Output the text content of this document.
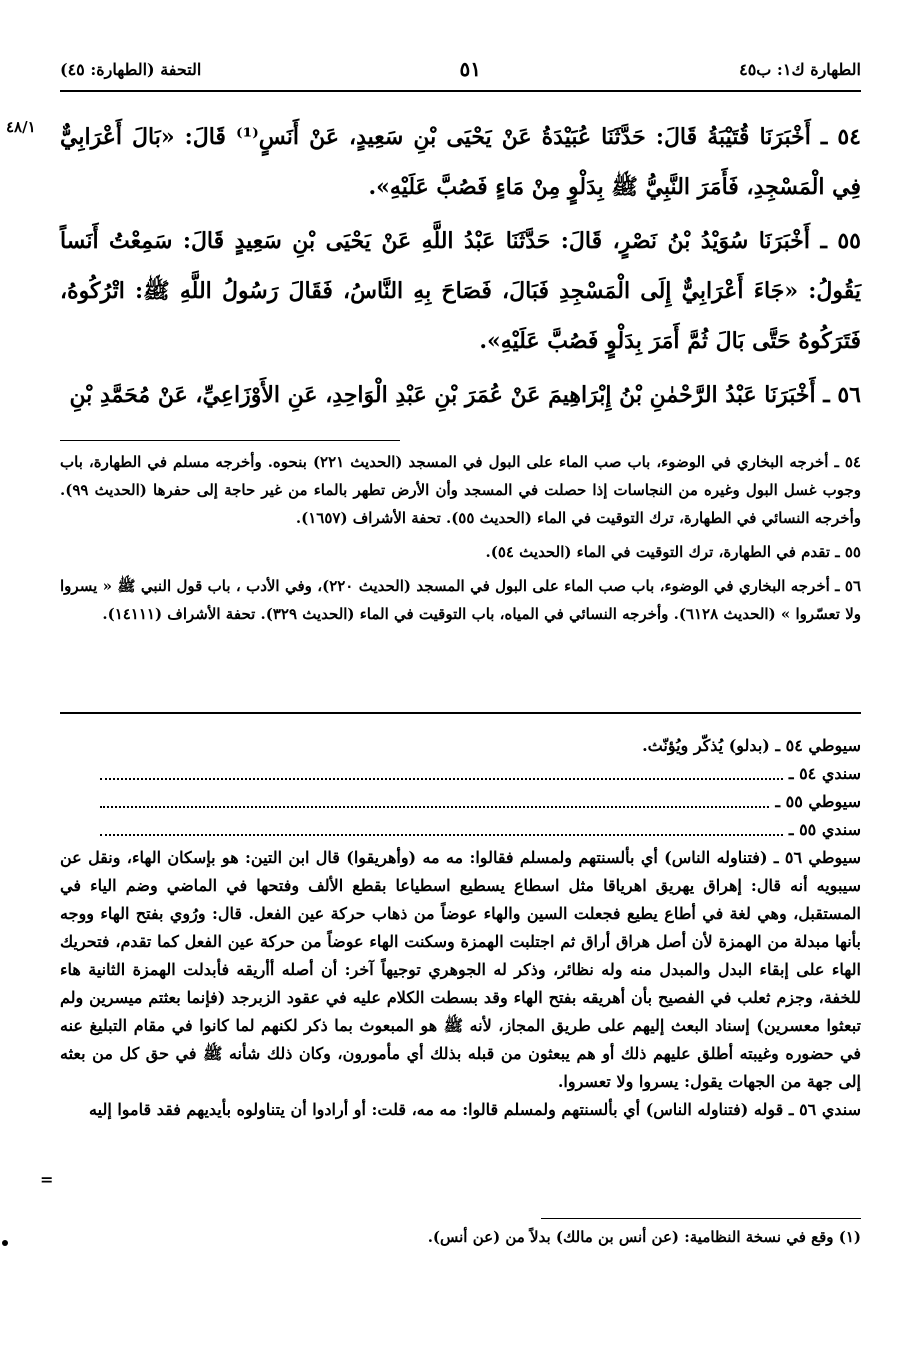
الطهارة ك١: ب٤٥
٥١
التحفة (الطهارة: ٤٥)
٤٨/١ ٥٤ ـ أَخْبَرَنَا قُتَيْبَةُ قَالَ: حَدَّثَنَا عُبَيْدَةُ عَنْ يَحْيَى بْنِ سَعِيدٍ، عَنْ أَنَسٍ⁽¹⁾ قَالَ: «بَالَ أَعْرَابِيٌّ فِي الْمَسْجِدِ، فَأَمَرَ النَّبِيُّ ﷺ بِدَلْوٍ مِنْ مَاءٍ فَصُبَّ عَلَيْهِ».
٥٥ ـ أَخْبَرَنَا سُوَيْدُ بْنُ نَصْرٍ، قَالَ: حَدَّثَنَا عَبْدُ اللَّهِ عَنْ يَحْيَى بْنِ سَعِيدٍ قَالَ: سَمِعْتُ أَنَساً يَقُولُ: «جَاءَ أَعْرَابِيٌّ إِلَى الْمَسْجِدِ فَبَالَ، فَصَاحَ بِهِ النَّاسُ، فَقَالَ رَسُولُ اللَّهِ ﷺ: اتْرُكُوهُ، فَتَرَكُوهُ حَتَّى بَالَ ثُمَّ أَمَرَ بِدَلْوٍ فَصُبَّ عَلَيْهِ».
٥٦ ـ أَخْبَرَنَا عَبْدُ الرَّحْمٰنِ بْنُ إِبْرَاهِيمَ عَنْ عُمَرَ بْنِ عَبْدِ الْوَاحِدِ، عَنِ الأَوْزَاعِيِّ، عَنْ مُحَمَّدِ بْنِ

٥٤ ـ أخرجه البخاري في الوضوء، باب صب الماء على البول في المسجد (الحديث ٢٢١) بنحوه. وأخرجه مسلم في الطهارة، باب وجوب غسل البول وغيره من النجاسات إذا حصلت في المسجد وأن الأرض تطهر بالماء من غير حاجة إلى حفرها (الحديث ٩٩). وأخرجه النسائي في الطهارة، ترك التوقيت في الماء (الحديث ٥٥). تحفة الأشراف (١٦٥٧).

٥٥ ـ تقدم في الطهارة، ترك التوقيت في الماء (الحديث ٥٤).

٥٦ ـ أخرجه البخاري في الوضوء، باب صب الماء على البول في المسجد (الحديث ٢٢٠)، وفي الأدب ، باب قول النبي ﷺ « يسروا ولا تعسّروا » (الحديث ٦١٢٨). وأخرجه النسائي في المياه، باب التوقيت في الماء (الحديث ٣٢٩). تحفة الأشراف (١٤١١١).

سيوطي ٥٤ ـ (بدلو) يُذكّر ويُؤنّث.

سندي ٥٤ ـ
سيوطي ٥٥ ـ
سندي ٥٥ ـ

سيوطي ٥٦ ـ (فتناوله الناس) أي بألسنتهم ولمسلم فقالوا: مه مه (وأهريقوا) قال ابن التين: هو بإسكان الهاء، ونقل عن سيبويه أنه قال: إهراق يهريق اهرياقا مثل اسطاع يسطيع اسطياعا بقطع الألف وفتحها في الماضي وضم الياء في المستقبل، وهي لغة في أطاع يطيع فجعلت السين والهاء عوضاً من ذهاب حركة عين الفعل. قال: ورُوي بفتح الهاء ووجه بأنها مبدلة من الهمزة لأن أصل هراق أراق ثم اجتلبت الهمزة وسكنت الهاء عوضاً من حركة عين الفعل كما تقدم، فتحريك الهاء على إبقاء البدل والمبدل منه وله نظائر، وذكر له الجوهري توجيهاً آخر: أن أصله أأريقه فأبدلت الهمزة الثانية هاء للخفة، وجزم ثعلب في الفصيح بأن أهريقه بفتح الهاء وقد بسطت الكلام عليه في عقود الزبرجد (فإنما بعثتم ميسرين ولم تبعثوا معسرين) إسناد البعث إليهم على طريق المجاز، لأنه ﷺ هو المبعوث بما ذكر لكنهم لما كانوا في مقام التبليغ عنه في حضوره وغيبته أطلق عليهم ذلك أو هم يبعثون من قبله بذلك أي مأمورون، وكان ذلك شأنه ﷺ في حق كل من بعثه إلى جهة من الجهات يقول: يسروا ولا تعسروا.

سندي ٥٦ ـ قوله (فتناوله الناس) أي بألسنتهم ولمسلم قالوا: مه مه، قلت: أو أرادوا أن يتناولوه بأيديهم فقد قاموا إليه

=
(١) وقع في نسخة النظامية: (عن أنس بن مالك) بدلاً من (عن أنس).
